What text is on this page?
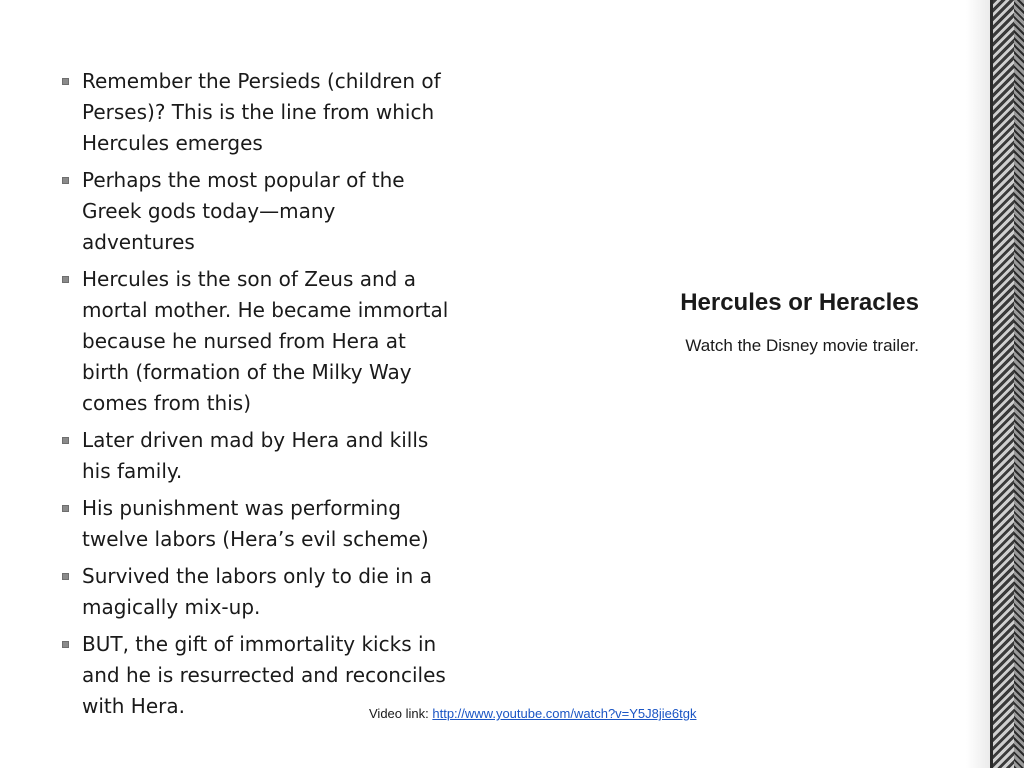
Remember the Persieds (children of Perses)? This is the line from which Hercules emerges
Perhaps the most popular of the Greek gods today—many adventures
Hercules is the son of Zeus and a mortal mother. He became immortal because he nursed from Hera at birth (formation of the Milky Way comes from this)
Later driven mad by Hera and kills his family.
His punishment was performing twelve labors (Hera’s evil scheme)
Survived the labors only to die in a magically mix-up.
BUT, the gift of immortality kicks in and he is resurrected and reconciles with Hera.
Hercules or Heracles
Watch the Disney movie trailer.
Video link: http://www.youtube.com/watch?v=Y5J8jie6tgk
